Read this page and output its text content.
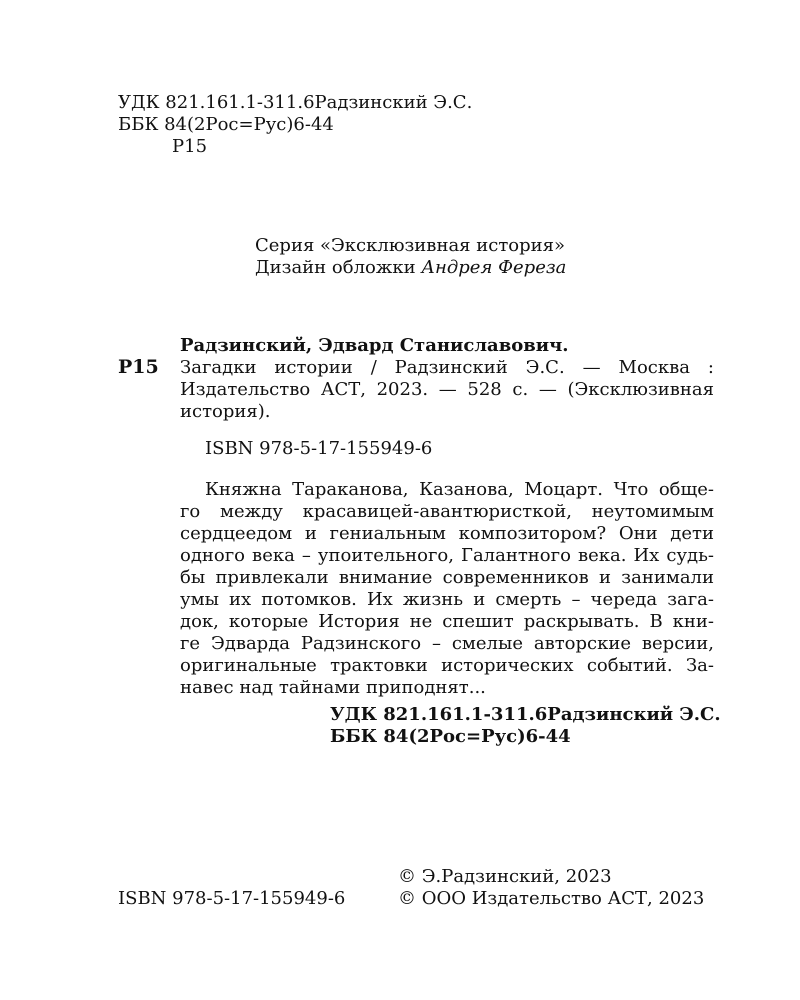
УДК 821.161.1-311.6Радзинский Э.С.
ББК 84(2Рос=Рус)6-44
Р15
Серия «Эксклюзивная история»
Дизайн обложки Андрея Фереза
Р15
Радзинский, Эдвард Станиславович.
Загадки истории / Радзинский Э.С. — Москва :
Издательство АСТ, 2023. — 528 с. — (Эксклюзивная
история).
ISBN 978-5-17-155949-6
Княжна Тараканова, Казанова, Моцарт. Что обще-
го между красавицей-авантюристкой, неутомимым
сердцеедом и гениальным композитором? Они дети
одного века – упоительного, Галантного века. Их судь-
бы привлекали внимание современников и занимали
умы их потомков. Их жизнь и смерть – череда зага-
док, которые История не спешит раскрывать. В кни-
ге Эдварда Радзинского – смелые авторские версии,
оригинальные трактовки исторических событий. За-
навес над тайнами приподнят...
УДК 821.161.1-311.6Радзинский Э.С.
ББК 84(2Рос=Рус)6-44
© Э.Радзинский, 2023
© ООО Издательство АСТ, 2023
ISBN 978-5-17-155949-6
